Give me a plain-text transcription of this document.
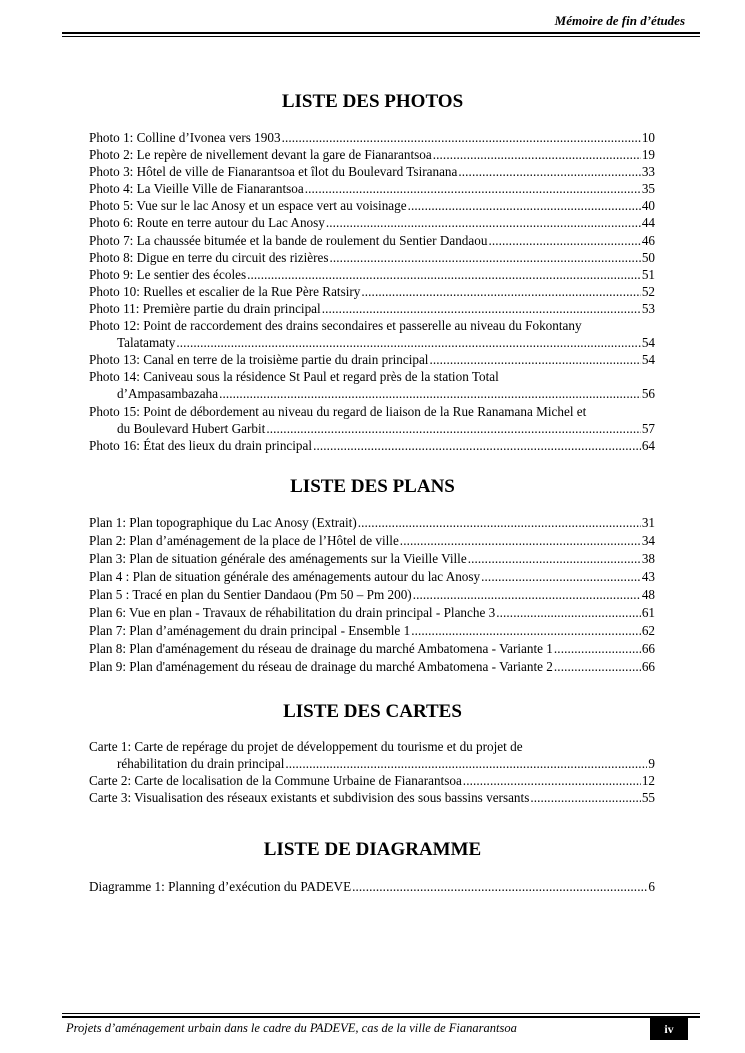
Mémoire de fin d’études
LISTE DES PHOTOS
Photo 1: Colline d’Ivonea vers 1903 . . .	10
Photo 2: Le repère de nivellement devant la gare de Fianarantsoa . . .	19
Photo 3: Hôtel de ville de Fianarantsoa et îlot du Boulevard Tsiranana . . .	33
Photo 4: La Vieille Ville de Fianarantsoa . . .	35
Photo 5: Vue sur le lac Anosy et un espace vert au voisinage . . .	40
Photo 6: Route en terre autour du Lac Anosy . . .	44
Photo 7: La chaussée bitumée et la bande de roulement du Sentier Dandaou . . .	46
Photo 8: Digue en terre du circuit des rizières . . .	50
Photo 9: Le sentier des écoles . . .	51
Photo 10: Ruelles et escalier de la Rue Père Ratsiry . . .	52
Photo 11: Première partie du drain principal . . .	53
Photo 12: Point de raccordement des drains secondaires et passerelle au niveau du Fokontany
Talatamaty . . .	54
Photo 13: Canal en terre de la troisième partie du drain principal . . .	54
Photo 14: Caniveau sous la résidence St Paul et regard près de la station Total
d’Ampasambazaha . . .	56
Photo 15: Point de débordement au niveau du regard de liaison de la Rue Ranamana Michel et
du Boulevard Hubert Garbit . . .	57
Photo 16: État des lieux du drain principal . . .	64
LISTE DES PLANS
Plan 1: Plan topographique du Lac Anosy (Extrait) . . .	31
Plan 2: Plan d’aménagement de la place de l’Hôtel de ville . . .	34
Plan 3: Plan de situation générale des aménagements sur la Vieille Ville . . .	38
Plan 4 : Plan de situation générale des aménagements autour du lac Anosy . . .	43
Plan 5 : Tracé en plan du Sentier Dandaou (Pm 50 – Pm 200) . . .	48
Plan 6: Vue en plan - Travaux de réhabilitation du drain principal - Planche 3 . . .	61
Plan 7: Plan d’aménagement du drain principal - Ensemble 1 . . .	62
Plan 8: Plan d'aménagement du réseau de drainage du marché Ambatomena - Variante 1 . . .	66
Plan 9: Plan d'aménagement du réseau de drainage du marché Ambatomena - Variante 2 . . .	66
LISTE DES CARTES
Carte 1: Carte de repérage du projet de développement du tourisme et du projet de
réhabilitation du drain principal . . .	9
Carte 2: Carte de localisation de la Commune Urbaine de Fianarantsoa . . .	12
Carte 3: Visualisation des réseaux existants et subdivision des sous bassins versants . . .	55
LISTE DE DIAGRAMME
Diagramme 1: Planning d’exécution du PADEVE . . .	6
Projets d’aménagement urbain dans le cadre du PADEVE, cas de la ville de Fianarantsoa	iv
